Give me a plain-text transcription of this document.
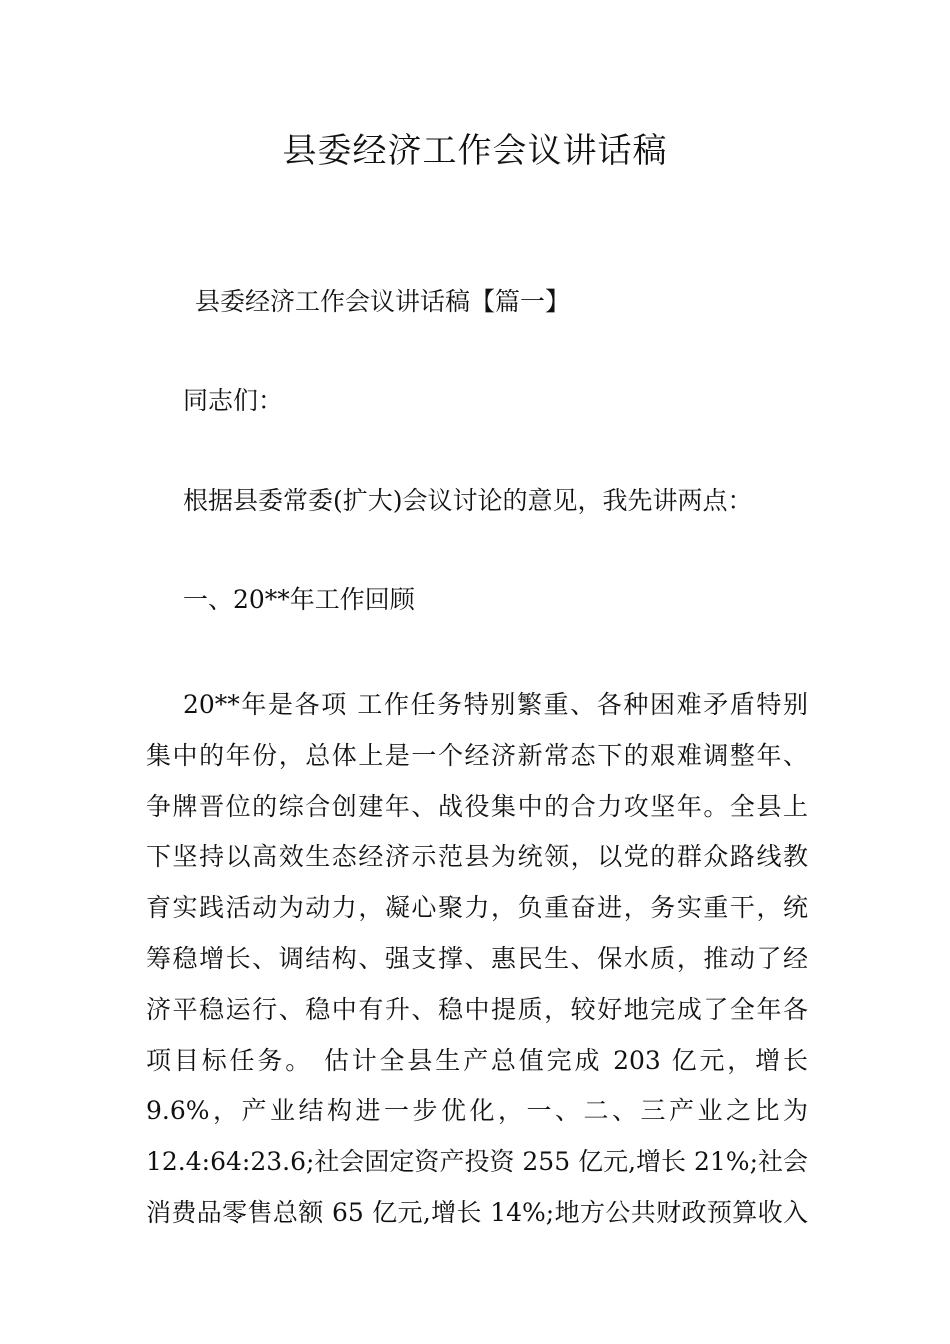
县委经济工作会议讲话稿

县委经济工作会议讲话稿【篇一】

同志们：

根据县委常委(扩大)会议讨论的意见，我先讲两点：

一、20**年工作回顾

20**年是各项 工作任务特别繁重、各种困难矛盾特别
集中的年份，总体上是一个经济新常态下的艰难调整年、
争牌晋位的综合创建年、战役集中的合力攻坚年。全县上
下坚持以高效生态经济示范县为统领，以党的群众路线教
育实践活动为动力，凝心聚力，负重奋进，务实重干，统
筹稳增长、调结构、强支撑、惠民生、保水质，推动了经
济平稳运行、稳中有升、稳中提质，较好地完成了全年各
项目标任务。 估计全县生产总值完成 203 亿元，增长
9.6%，产业结构进一步优化，一、二、三产业之比为
12.4:64:23.6;社会固定资产投资 255 亿元,增长 21%;社会
消费品零售总额 65 亿元,增长 14%;地方公共财政预算收入
